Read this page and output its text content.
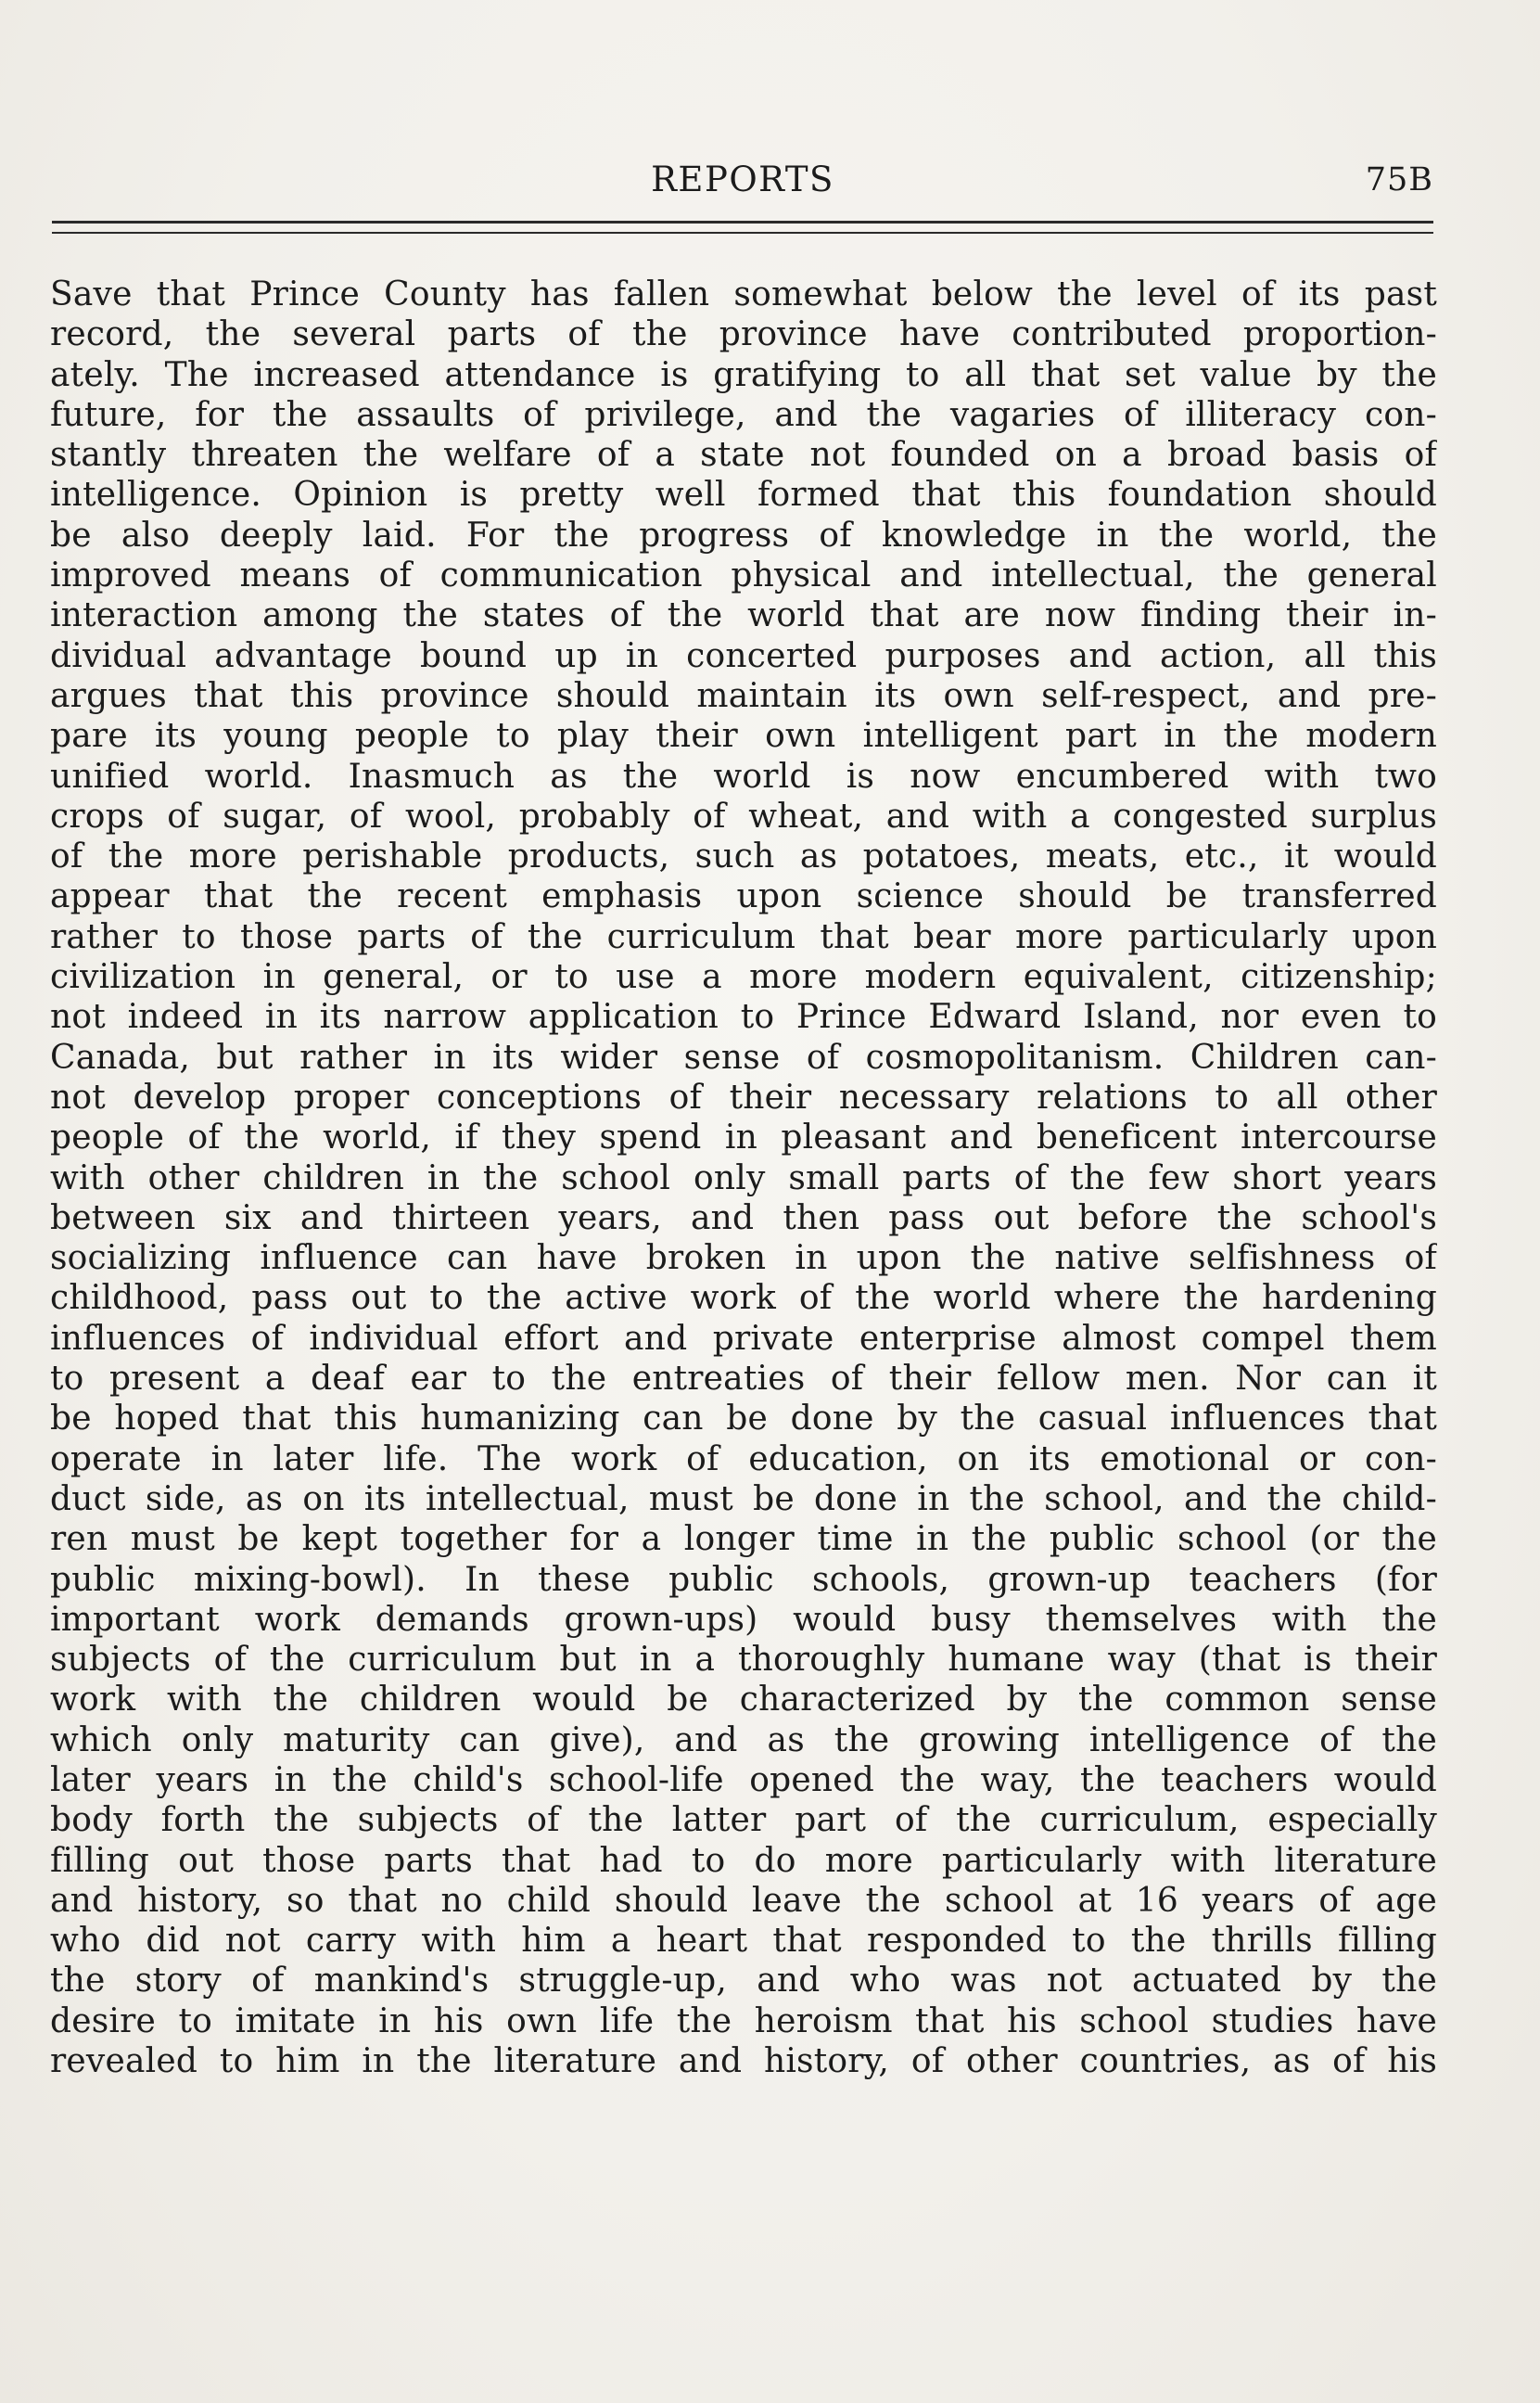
REPORTS	75B
Save that Prince County has fallen somewhat below the level of its past
record, the several parts of the province have contributed proportion-
ately. The increased attendance is gratifying to all that set value by the
future, for the assaults of privilege, and the vagaries of illiteracy con-
stantly threaten the welfare of a state not founded on a broad basis of
intelligence. Opinion is pretty well formed that this foundation should
be also deeply laid. For the progress of knowledge in the world, the
improved means of communication physical and intellectual, the general
interaction among the states of the world that are now finding their in-
dividual advantage bound up in concerted purposes and action, all this
argues that this province should maintain its own self-respect, and pre-
pare its young people to play their own intelligent part in the modern
unified world. Inasmuch as the world is now encumbered with two
crops of sugar, of wool, probably of wheat, and with a congested surplus
of the more perishable products, such as potatoes, meats, etc., it would
appear that the recent emphasis upon science should be transferred
rather to those parts of the curriculum that bear more particularly upon
civilization in general, or to use a more modern equivalent, citizenship;
not indeed in its narrow application to Prince Edward Island, nor even to
Canada, but rather in its wider sense of cosmopolitanism. Children can-
not develop proper conceptions of their necessary relations to all other
people of the world, if they spend in pleasant and beneficent intercourse
with other children in the school only small parts of the few short years
between six and thirteen years, and then pass out before the school's
socializing influence can have broken in upon the native selfishness of
childhood, pass out to the active work of the world where the hardening
influences of individual effort and private enterprise almost compel them
to present a deaf ear to the entreaties of their fellow men. Nor can it
be hoped that this humanizing can be done by the casual influences that
operate in later life. The work of education, on its emotional or con-
duct side, as on its intellectual, must be done in the school, and the child-
ren must be kept together for a longer time in the public school (or the
public mixing-bowl). In these public schools, grown-up teachers (for
important work demands grown-ups) would busy themselves with the
subjects of the curriculum but in a thoroughly humane way (that is their
work with the children would be characterized by the common sense
which only maturity can give), and as the growing intelligence of the
later years in the child's school-life opened the way, the teachers would
body forth the subjects of the latter part of the curriculum, especially
filling out those parts that had to do more particularly with literature
and history, so that no child should leave the school at 16 years of age
who did not carry with him a heart that responded to the thrills filling
the story of mankind's struggle-up, and who was not actuated by the
desire to imitate in his own life the heroism that his school studies have
revealed to him in the literature and history, of other countries, as of his
